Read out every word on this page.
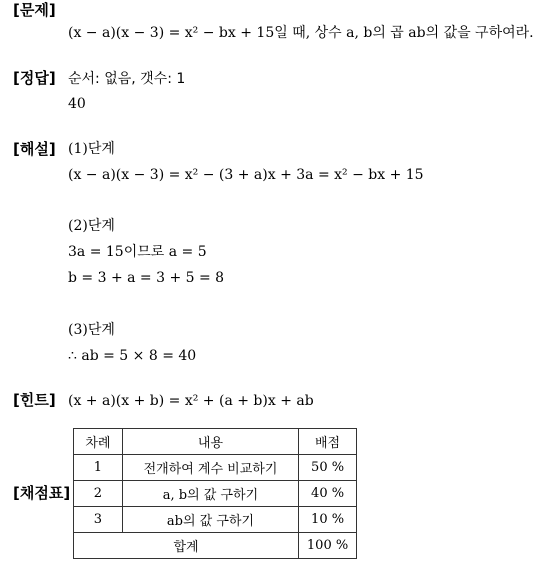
[문제]
(x − a)(x − 3) = x² − bx + 15일 때, 상수 a, b의 곱 ab의 값을 구하여라.
[정답] 순서: 없음, 갯수: 1
40
[해설] (1)단계
(x − a)(x − 3) = x² − (3 + a)x + 3a = x² − bx + 15
(2)단계
3a = 15이므로 a = 5
b = 3 + a = 3 + 5 = 8
(3)단계
∴ ab = 5 × 8 = 40
[힌트] (x + a)(x + b) = x² + (a + b)x + ab
[채점표]
차례	내용	배점
1	전개하여 계수 비교하기	50 %
2	a, b의 값 구하기	40 %
3	ab의 값 구하기	10 %
합계		100 %
